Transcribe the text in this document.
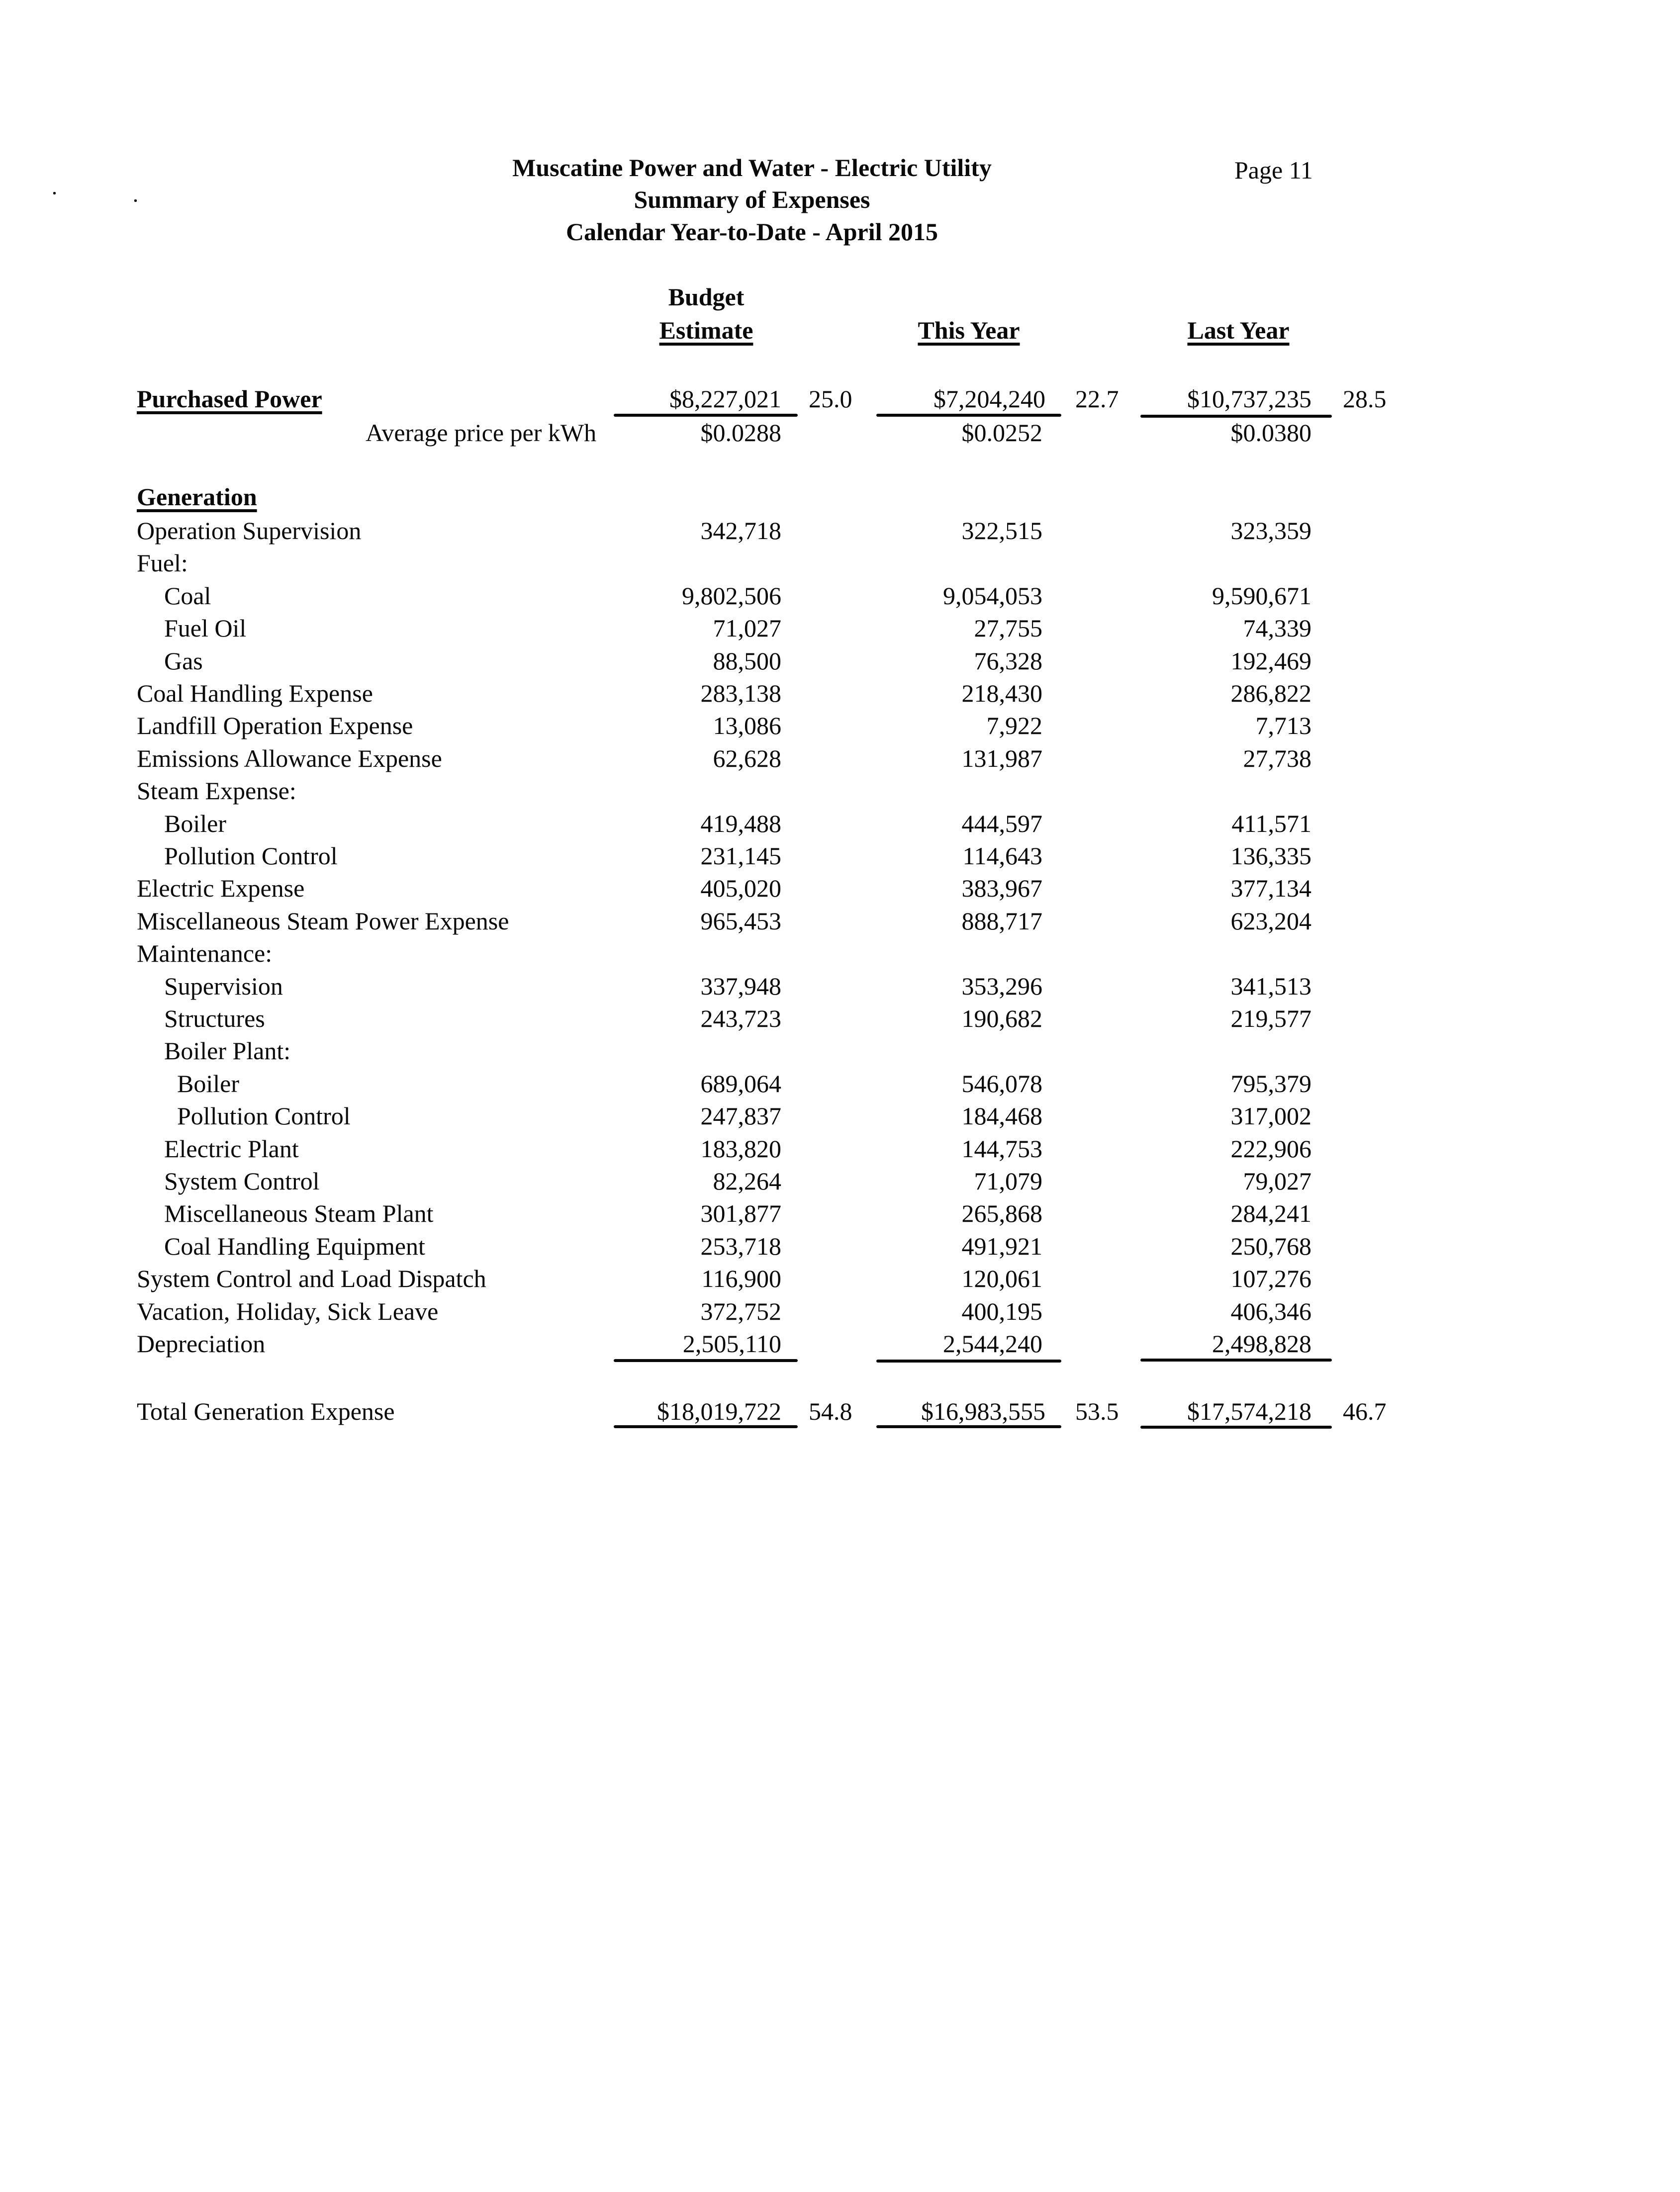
Muscatine Power and Water - Electric Utility
Summary of Expenses
Calendar Year-to-Date - April 2015
Page 11
Budget
Estimate	This Year	Last Year
Purchased Power	$8,227,021 25.0	$7,204,240 22.7	$10,737,235 28.5
Average price per kWh	$0.0288	$0.0252	$0.0380
Generation
Operation Supervision	342,718	322,515	323,359
Fuel:
Coal	9,802,506	9,054,053	9,590,671
Fuel Oil	71,027	27,755	74,339
Gas	88,500	76,328	192,469
Coal Handling Expense	283,138	218,430	286,822
Landfill Operation Expense	13,086	7,922	7,713
Emissions Allowance Expense	62,628	131,987	27,738
Steam Expense:
Boiler	419,488	444,597	411,571
Pollution Control	231,145	114,643	136,335
Electric Expense	405,020	383,967	377,134
Miscellaneous Steam Power Expense	965,453	888,717	623,204
Maintenance:
Supervision	337,948	353,296	341,513
Structures	243,723	190,682	219,577
Boiler Plant:
Boiler	689,064	546,078	795,379
Pollution Control	247,837	184,468	317,002
Electric Plant	183,820	144,753	222,906
System Control	82,264	71,079	79,027
Miscellaneous Steam Plant	301,877	265,868	284,241
Coal Handling Equipment	253,718	491,921	250,768
System Control and Load Dispatch	116,900	120,061	107,276
Vacation, Holiday, Sick Leave	372,752	400,195	406,346
Depreciation	2,505,110	2,544,240	2,498,828
Total Generation Expense	$18,019,722 54.8	$16,983,555 53.5	$17,574,218 46.7
